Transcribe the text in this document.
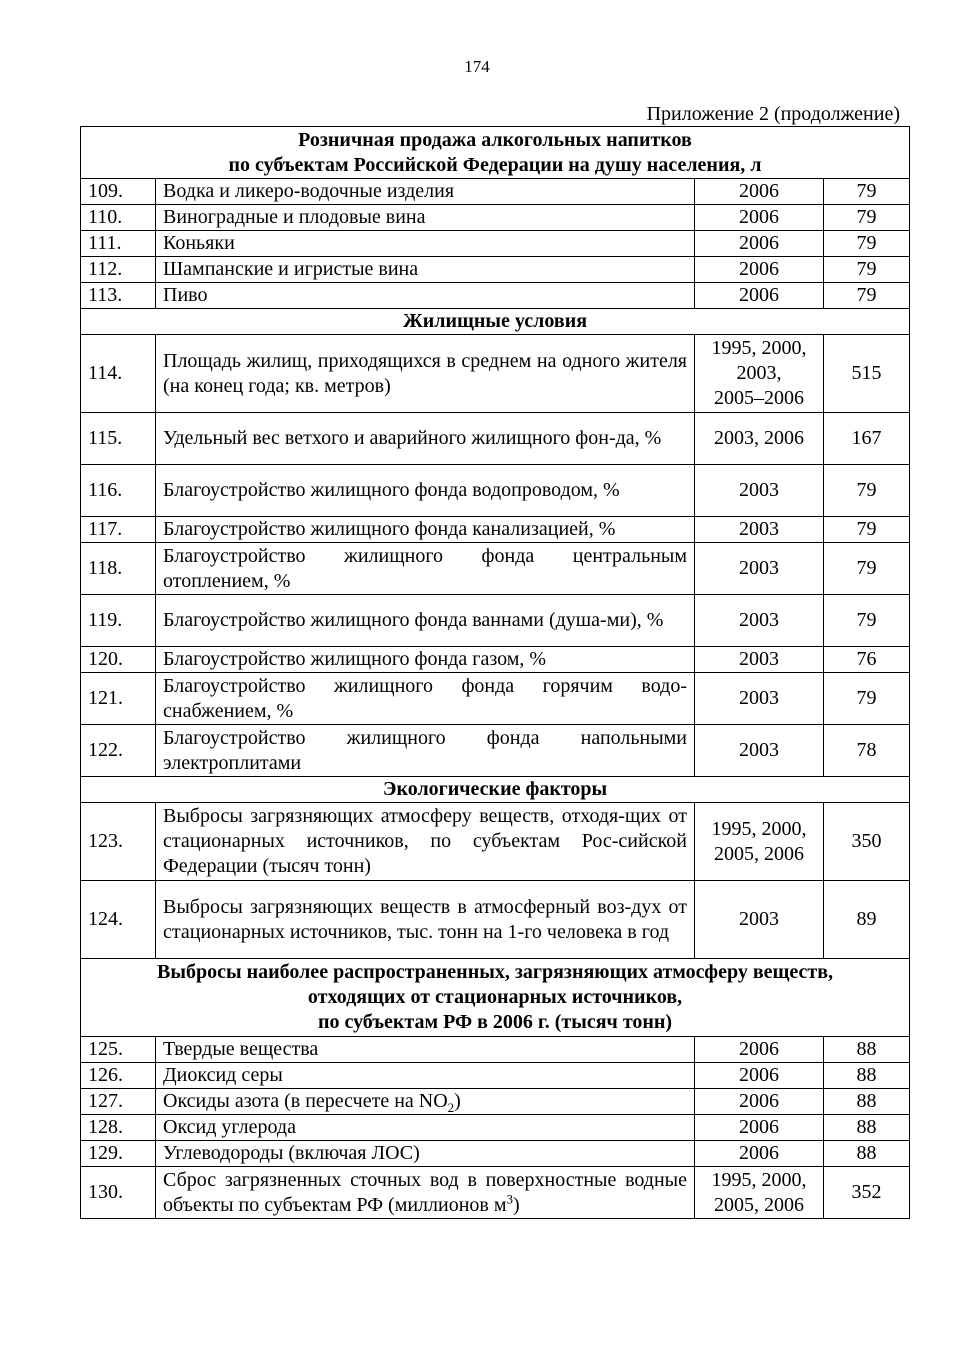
174
Приложение 2 (продолжение)
Розничная продажа алкогольных напитков
по субъектам Российской Федерации на душу населения, л			

109.	Водка и ликеро-водочные изделия	2006	79
110.	Виноградные и плодовые вина	2006	79
111.	Коньяки	2006	79
112.	Шампанские и игристые вина	2006	79
113.	Пиво	2006	79

Жилищные условия			

114.	Площадь жилищ, приходящихся в среднем на одного жителя (на конец года; кв. метров)	1995, 2000,
2003,
2005–2006	515
115.	Удельный вес ветхого и аварийного жилищного фон-да, %	2003, 2006	167
116.	Благоустройство жилищного фонда водопроводом, %	2003	79
117.	Благоустройство жилищного фонда канализацией, %	2003	79
118.	Благоустройство жилищного фонда центральным отоплением, %	2003	79
119.	Благоустройство жилищного фонда ваннами (душа-ми), %	2003	79
120.	Благоустройство жилищного фонда газом, %	2003	76
121.	Благоустройство жилищного фонда горячим водо-снабжением, %	2003	79
122.	Благоустройство жилищного фонда напольными электроплитами	2003	78

Экологические факторы			

123.	Выбросы загрязняющих атмосферу веществ, отходя-щих от стационарных источников, по субъектам Рос-сийской Федерации (тысяч тонн)	1995, 2000,
2005, 2006	350
124.	Выбросы загрязняющих веществ в атмосферный воз-дух от стационарных источников, тыс. тонн на 1-го человека в год	2003	89

Выбросы наиболее распространенных, загрязняющих атмосферу веществ,
отходящих от стационарных источников,
по субъектам РФ в 2006 г. (тысяч тонн)			

125.	Твердые вещества	2006	88
126.	Диоксид серы	2006	88
127.	Оксиды азота (в пересчете на $NO_2$)	2006	88
128.	Оксид углерода	2006	88
129.	Углеводороды (включая ЛОС)	2006	88
130.	Сброс загрязненных сточных вод в поверхностные водные объекты по субъектам РФ (миллионов $м^3$)	1995, 2000,
2005, 2006	352
